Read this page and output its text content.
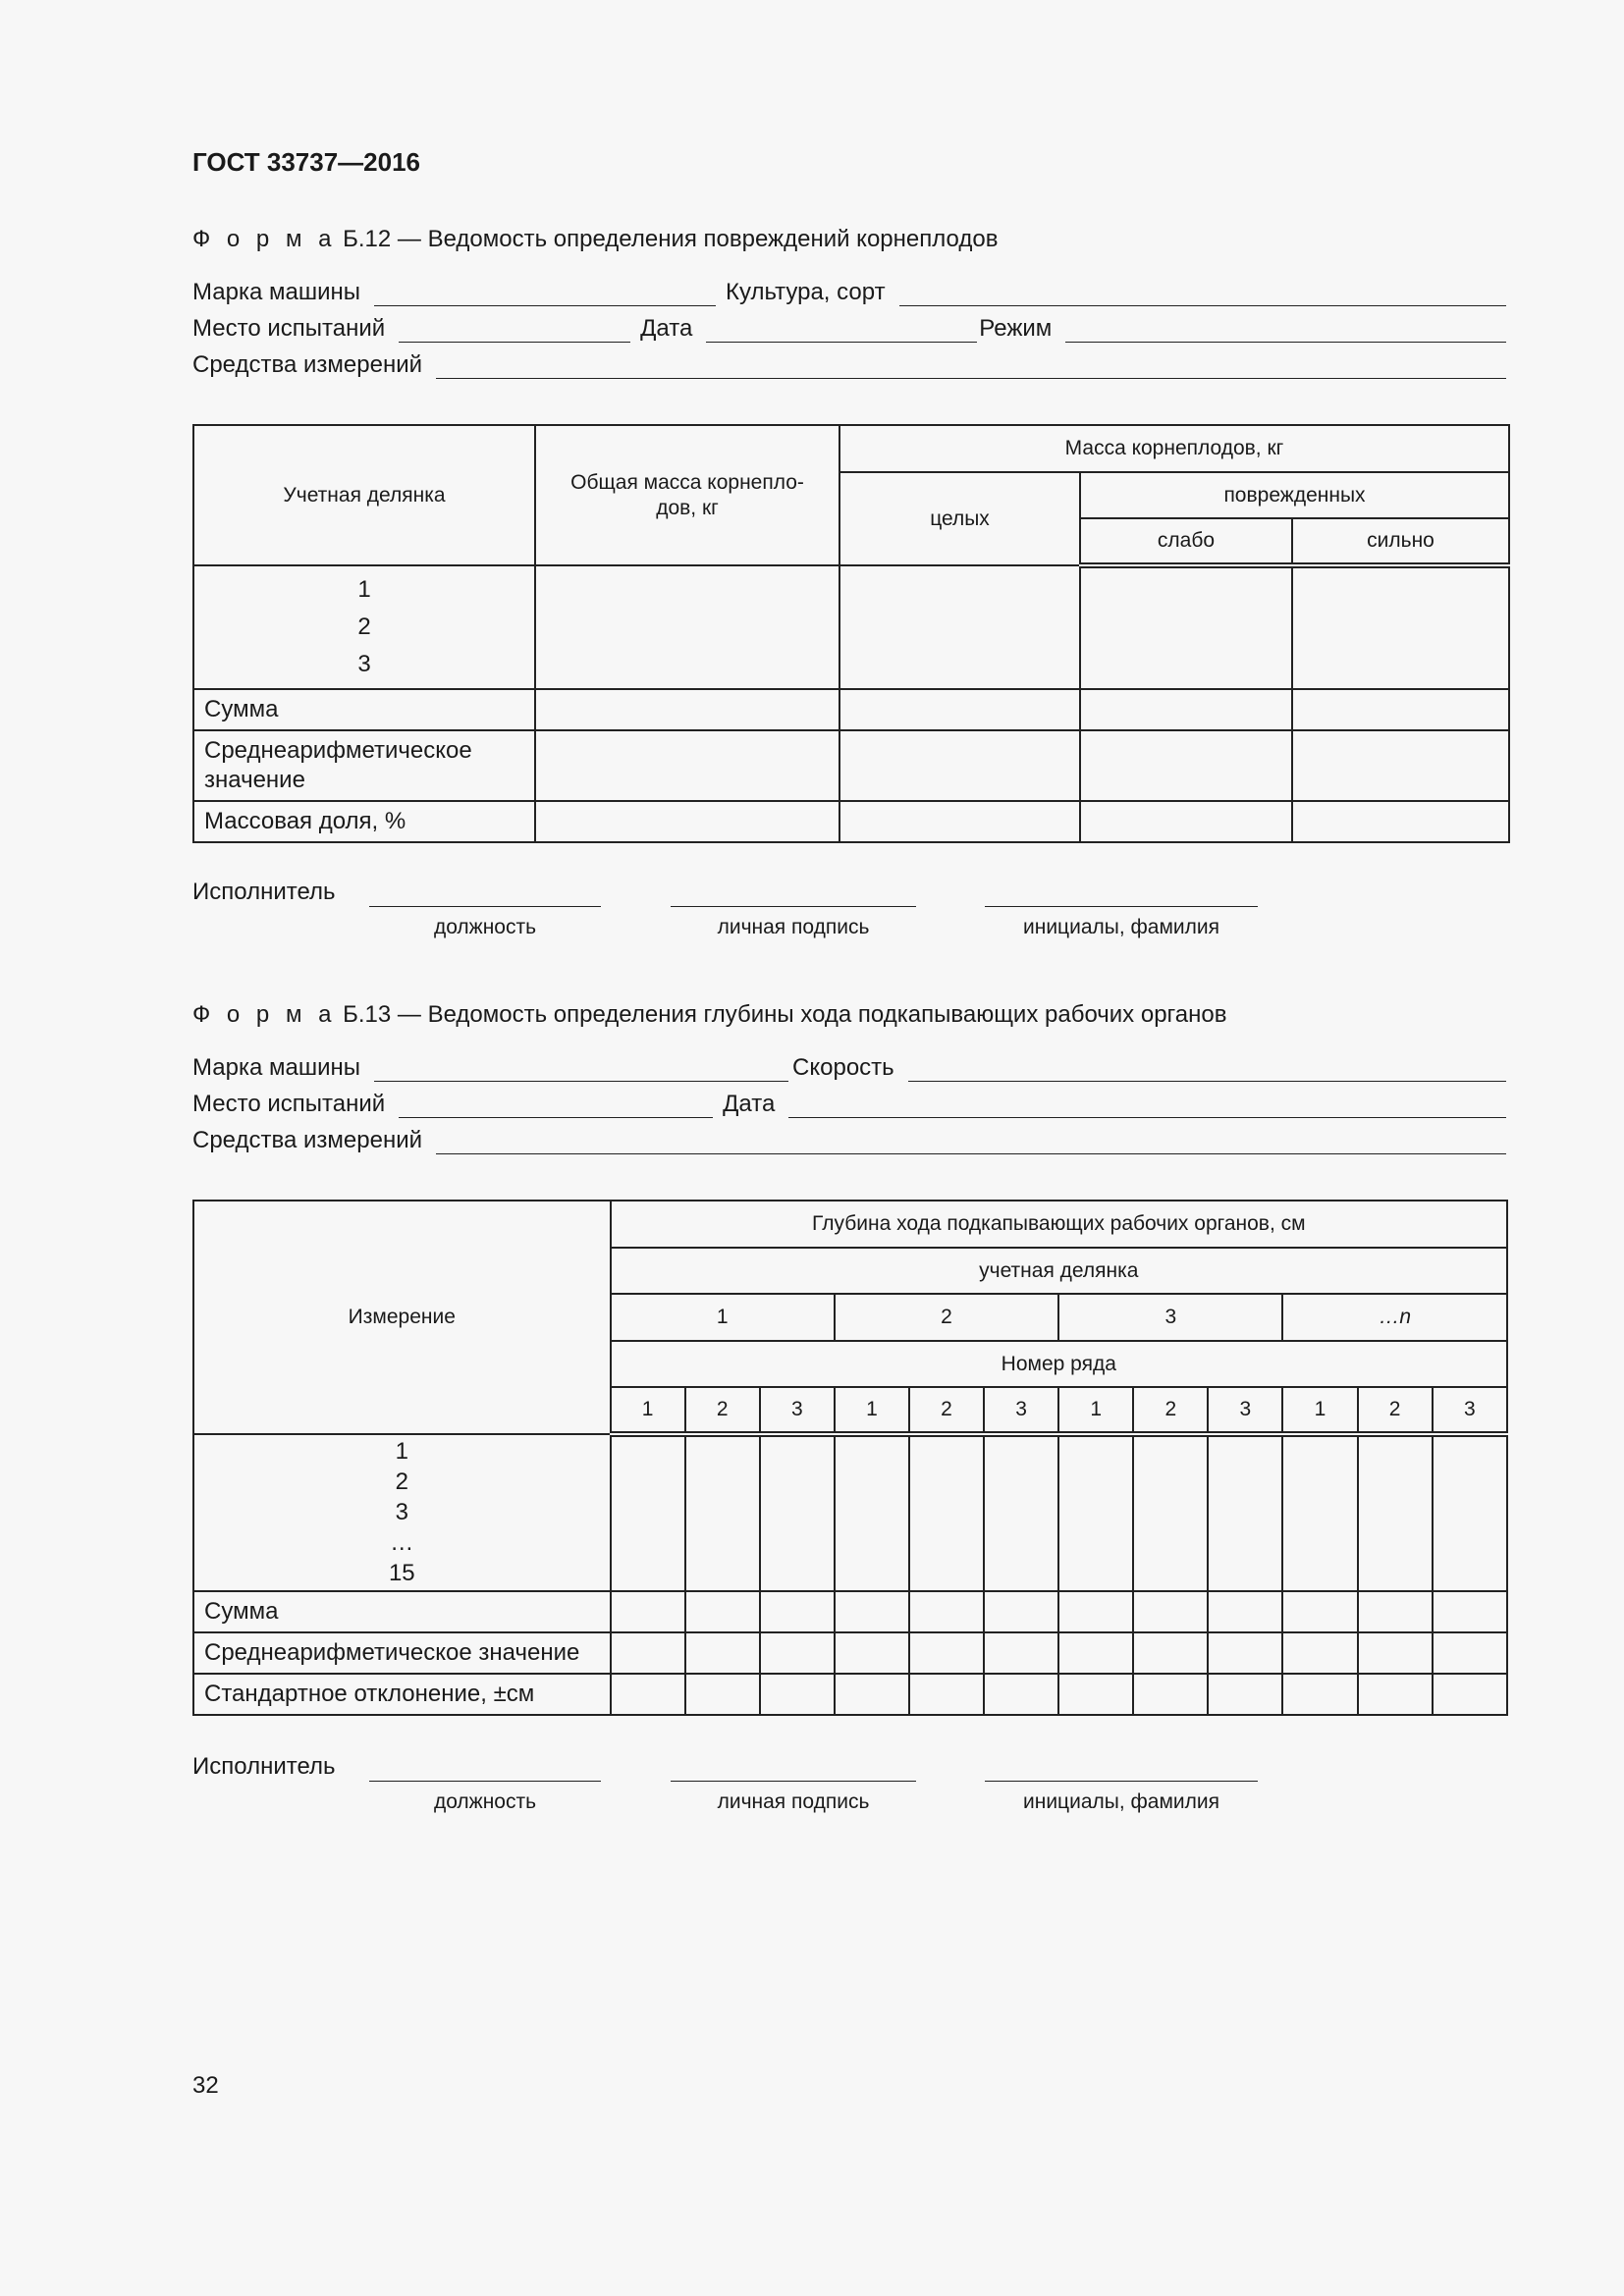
ГОСТ 33737—2016
Ф о р м а Б.12 — Ведомость определения повреждений корнеплодов
Марка машины	Культура, сорт
Место испытаний	Дата	Режим
Средства измерений
Учетная делянка	Общая масса корнепло-дов, кг	Масса корнеплодов, кг		
		целых	поврежденных	
			слабо	сильно

1
2
3				

Сумма				
Среднеарифметическое значение				
Массовая доля, %				
Исполнитель
должность	личная подпись	инициалы, фамилия
Ф о р м а Б.13 — Ведомость определения глубины хода подкапывающих рабочих органов
Марка машины	Скорость
Место испытаний	Дата
Средства измерений
Измерение	Глубина хода подкапывающих рабочих органов, см											
	учетная делянка											
	1			2			3			…n		
	Номер ряда											
	1	2	3	1	2	3	1	2	3	1	2	3

1
2
3
…
15												

Сумма												
Среднеарифметическое значение												
Стандартное отклонение, ±см												
Исполнитель
должность	личная подпись	инициалы, фамилия
32
